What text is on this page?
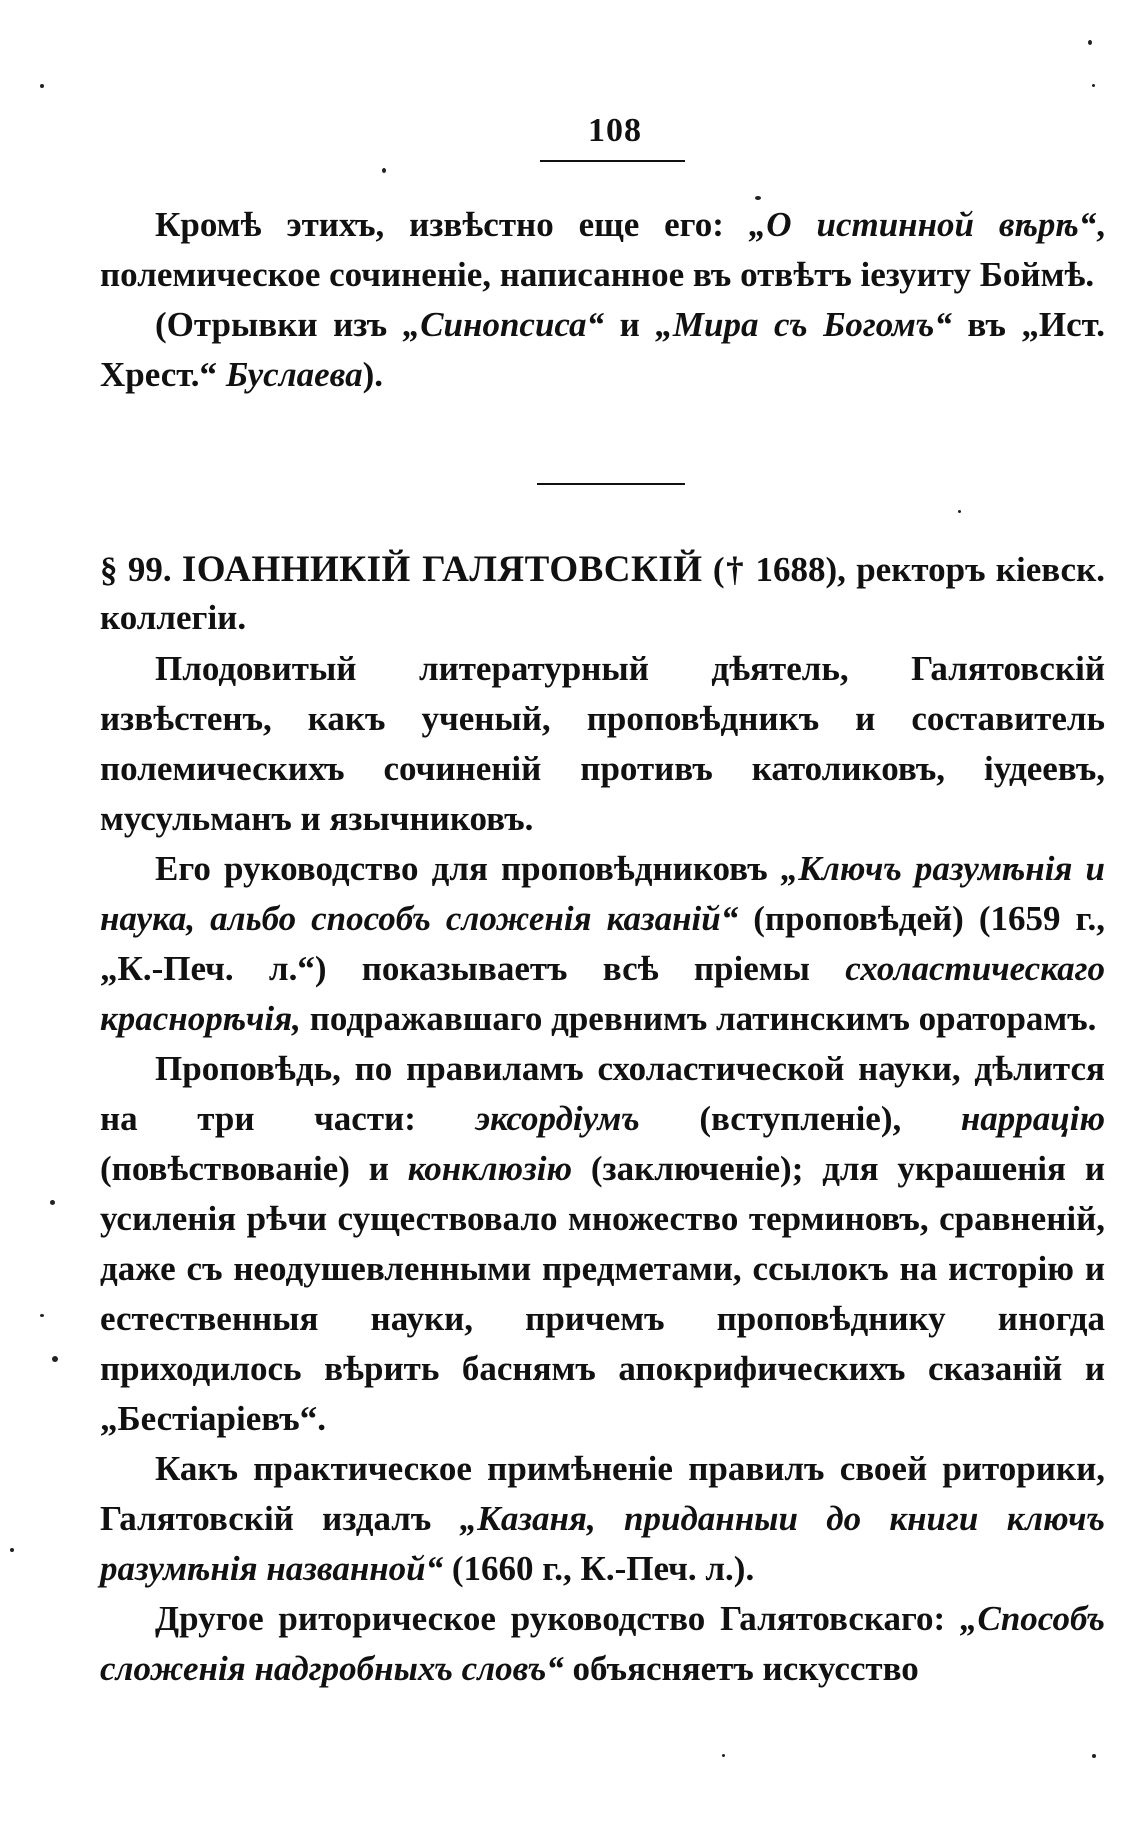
108

Кромѣ этихъ, извѣстно еще его: „О истинной вѣрѣ“, полемическое сочиненіе, написанное въ отвѣтъ іезуиту Боймѣ.

(Отрывки изъ „Синопсиса“ и „Мира съ Богомъ“ въ „Ист. Хрест.“ Буслаева).

§ 99. ІОАННИКІЙ ГАЛЯТОВСКІЙ († 1688), ректоръ кіевск. коллегіи.

Плодовитый литературный дѣятель, Галятовскій извѣстенъ, какъ ученый, проповѣдникъ и составитель полемическихъ сочиненій противъ католиковъ, іудеевъ, мусульманъ и язычниковъ.

Его руководство для проповѣдниковъ „Ключъ разумѣнія и наука, альбо способъ сложенія казаній“ (проповѣдей) (1659 г., „К.-Печ. л.“) показываетъ всѣ пріемы схоластическаго краснорѣчія, подражавшаго древнимъ латинскимъ ораторамъ.

Проповѣдь, по правиламъ схоластической науки, дѣлится на три части: эксордіумъ (вступленіе), наррацію (повѣствованіе) и конклюзію (заключеніе); для украшенія и усиленія рѣчи существовало множество терминовъ, сравненій, даже съ неодушевленными предметами, ссылокъ на исторію и естественныя науки, причемъ проповѣднику иногда приходилось вѣрить баснямъ апокрифическихъ сказаній и „Бестіаріевъ“.

Какъ практическое примѣненіе правилъ своей риторики, Галятовскій издалъ „Казаня, приданныи до книги ключъ разумѣнія названной“ (1660 г., К.-Печ. л.).

Другое риторическое руководство Галятовскаго: „Способъ сложенія надгробныхъ словъ“ объясняетъ искусство
